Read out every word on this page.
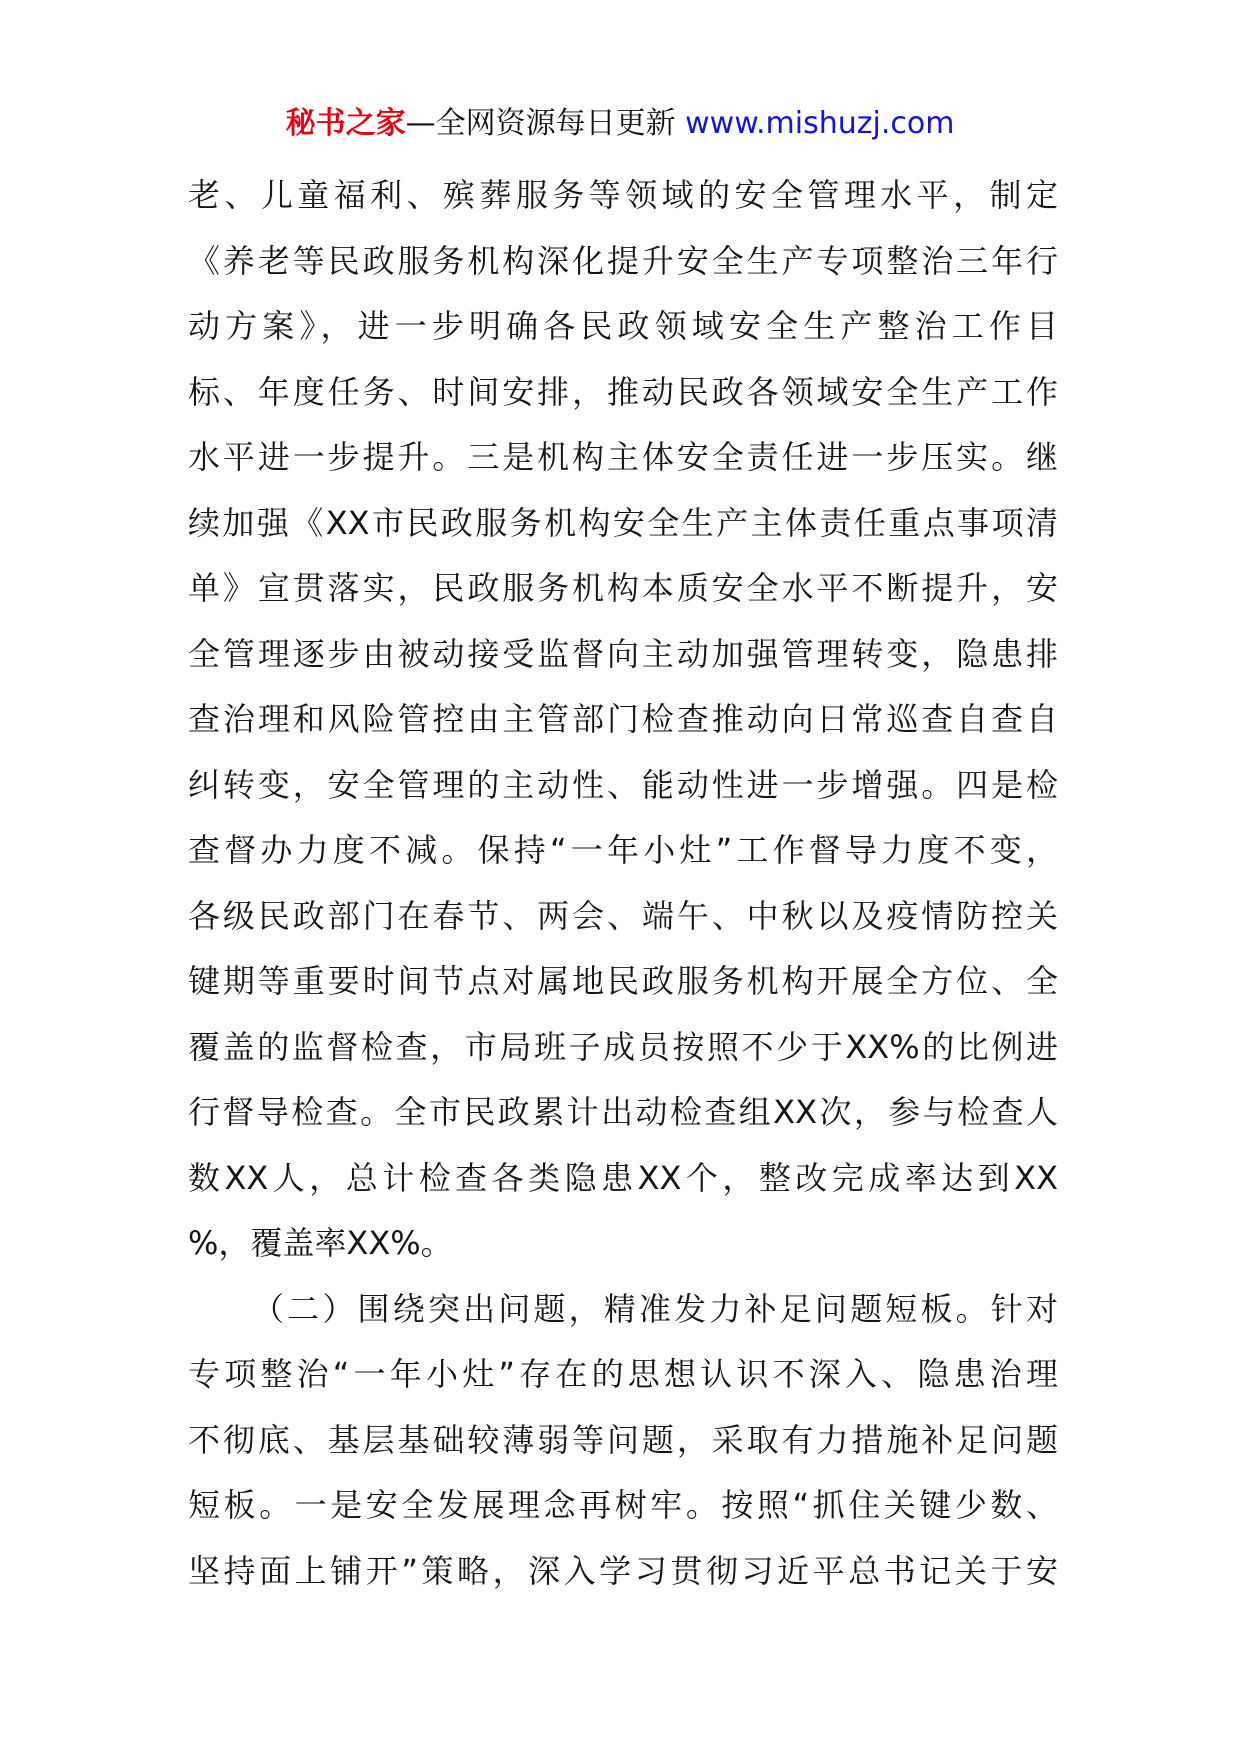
秘书之家—全网资源每日更新 www.mishuzj.com
老、儿童福利、殡葬服务等领域的安全管理水平，制定
《养老等民政服务机构深化提升安全生产专项整治三年行
动方案》，进一步明确各民政领域安全生产整治工作目
标、年度任务、时间安排，推动民政各领域安全生产工作
水平进一步提升。三是机构主体安全责任进一步压实。继
续加强《XX市民政服务机构安全生产主体责任重点事项清
单》宣贯落实，民政服务机构本质安全水平不断提升，安
全管理逐步由被动接受监督向主动加强管理转变，隐患排
查治理和风险管控由主管部门检查推动向日常巡查自查自
纠转变，安全管理的主动性、能动性进一步增强。四是检
查督办力度不减。保持“一年小灶”工作督导力度不变，
各级民政部门在春节、两会、端午、中秋以及疫情防控关
键期等重要时间节点对属地民政服务机构开展全方位、全
覆盖的监督检查，市局班子成员按照不少于XX%的比例进
行督导检查。全市民政累计出动检查组XX次，参与检查人
数XX人，总计检查各类隐患XX个，整改完成率达到XX
%，覆盖率XX%。
（二）围绕突出问题，精准发力补足问题短板。针对
专项整治“一年小灶”存在的思想认识不深入、隐患治理
不彻底、基层基础较薄弱等问题，采取有力措施补足问题
短板。一是安全发展理念再树牢。按照“抓住关键少数、
坚持面上铺开”策略，深入学习贯彻习近平总书记关于安
